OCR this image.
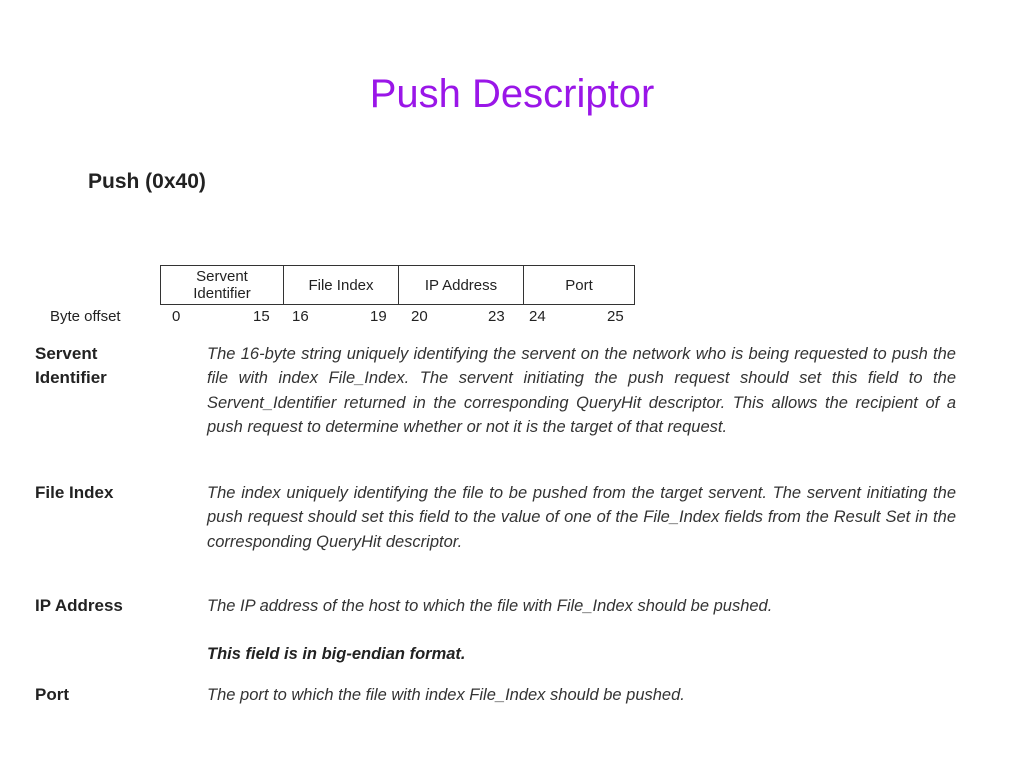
Push Descriptor
Push (0x40)
Servent
Identifier	File Index	IP Address	Port
Byte offset	0	15 16	19 20	23 24	25
Servent
Identifier
The 16-byte string uniquely identifying the servent on the network who is being requested to push the file with index File_Index. The servent initiating the push request should set this field to the Servent_Identifier returned in the corresponding QueryHit descriptor. This allows the recipient of a push request to determine whether or not it is the target of that request.
File Index	The index uniquely identifying the file to be pushed from the target servent. The servent initiating the push request should set this field to the value of one of the File_Index fields from the Result Set in the corresponding QueryHit descriptor.
IP Address	The IP address of the host to which the file with File_Index should be pushed.
This field is in big-endian format.
Port	The port to which the file with index File_Index should be pushed.
